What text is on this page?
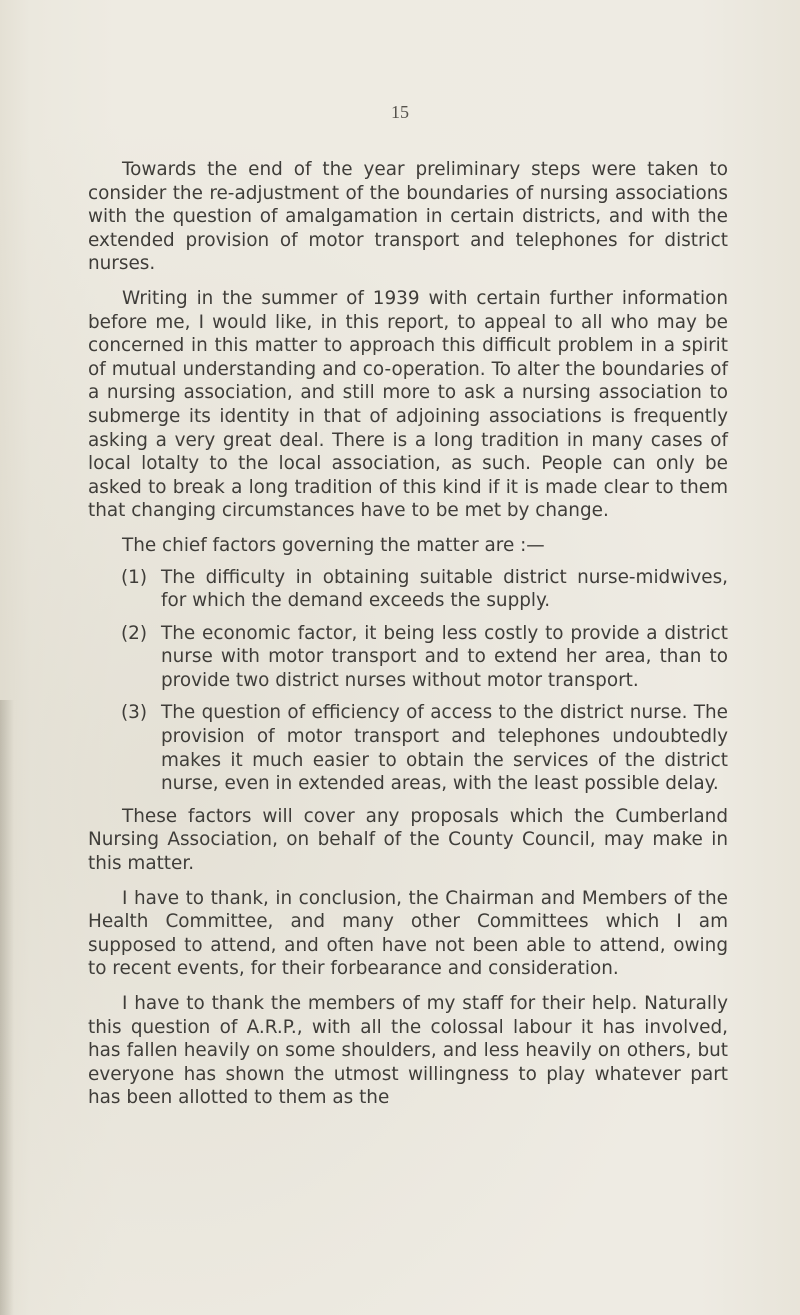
15

Towards the end of the year preliminary steps were taken to consider the re-adjustment of the boundaries of nursing associations with the question of amalgamation in certain districts, and with the extended provision of motor transport and telephones for district nurses.

Writing in the summer of 1939 with certain further information before me, I would like, in this report, to appeal to all who may be concerned in this matter to approach this difficult problem in a spirit of mutual understanding and co-operation. To alter the boundaries of a nursing association, and still more to ask a nursing association to submerge its identity in that of adjoining associations is frequently asking a very great deal. There is a long tradition in many cases of local lotalty to the local association, as such. People can only be asked to break a long tradition of this kind if it is made clear to them that changing circumstances have to be met by change.

The chief factors governing the matter are :—

(1) The difficulty in obtaining suitable district nurse-midwives, for which the demand exceeds the supply.
(2) The economic factor, it being less costly to provide a district nurse with motor transport and to extend her area, than to provide two district nurses without motor transport.
(3) The question of efficiency of access to the district nurse. The provision of motor transport and telephones undoubtedly makes it much easier to obtain the services of the district nurse, even in extended areas, with the least possible delay.

These factors will cover any proposals which the Cumberland Nursing Association, on behalf of the County Council, may make in this matter.

I have to thank, in conclusion, the Chairman and Members of the Health Committee, and many other Committees which I am supposed to attend, and often have not been able to attend, owing to recent events, for their forbearance and consideration.

I have to thank the members of my staff for their help. Naturally this question of A.R.P., with all the colossal labour it has involved, has fallen heavily on some shoulders, and less heavily on others, but everyone has shown the utmost willingness to play whatever part has been allotted to them as the
